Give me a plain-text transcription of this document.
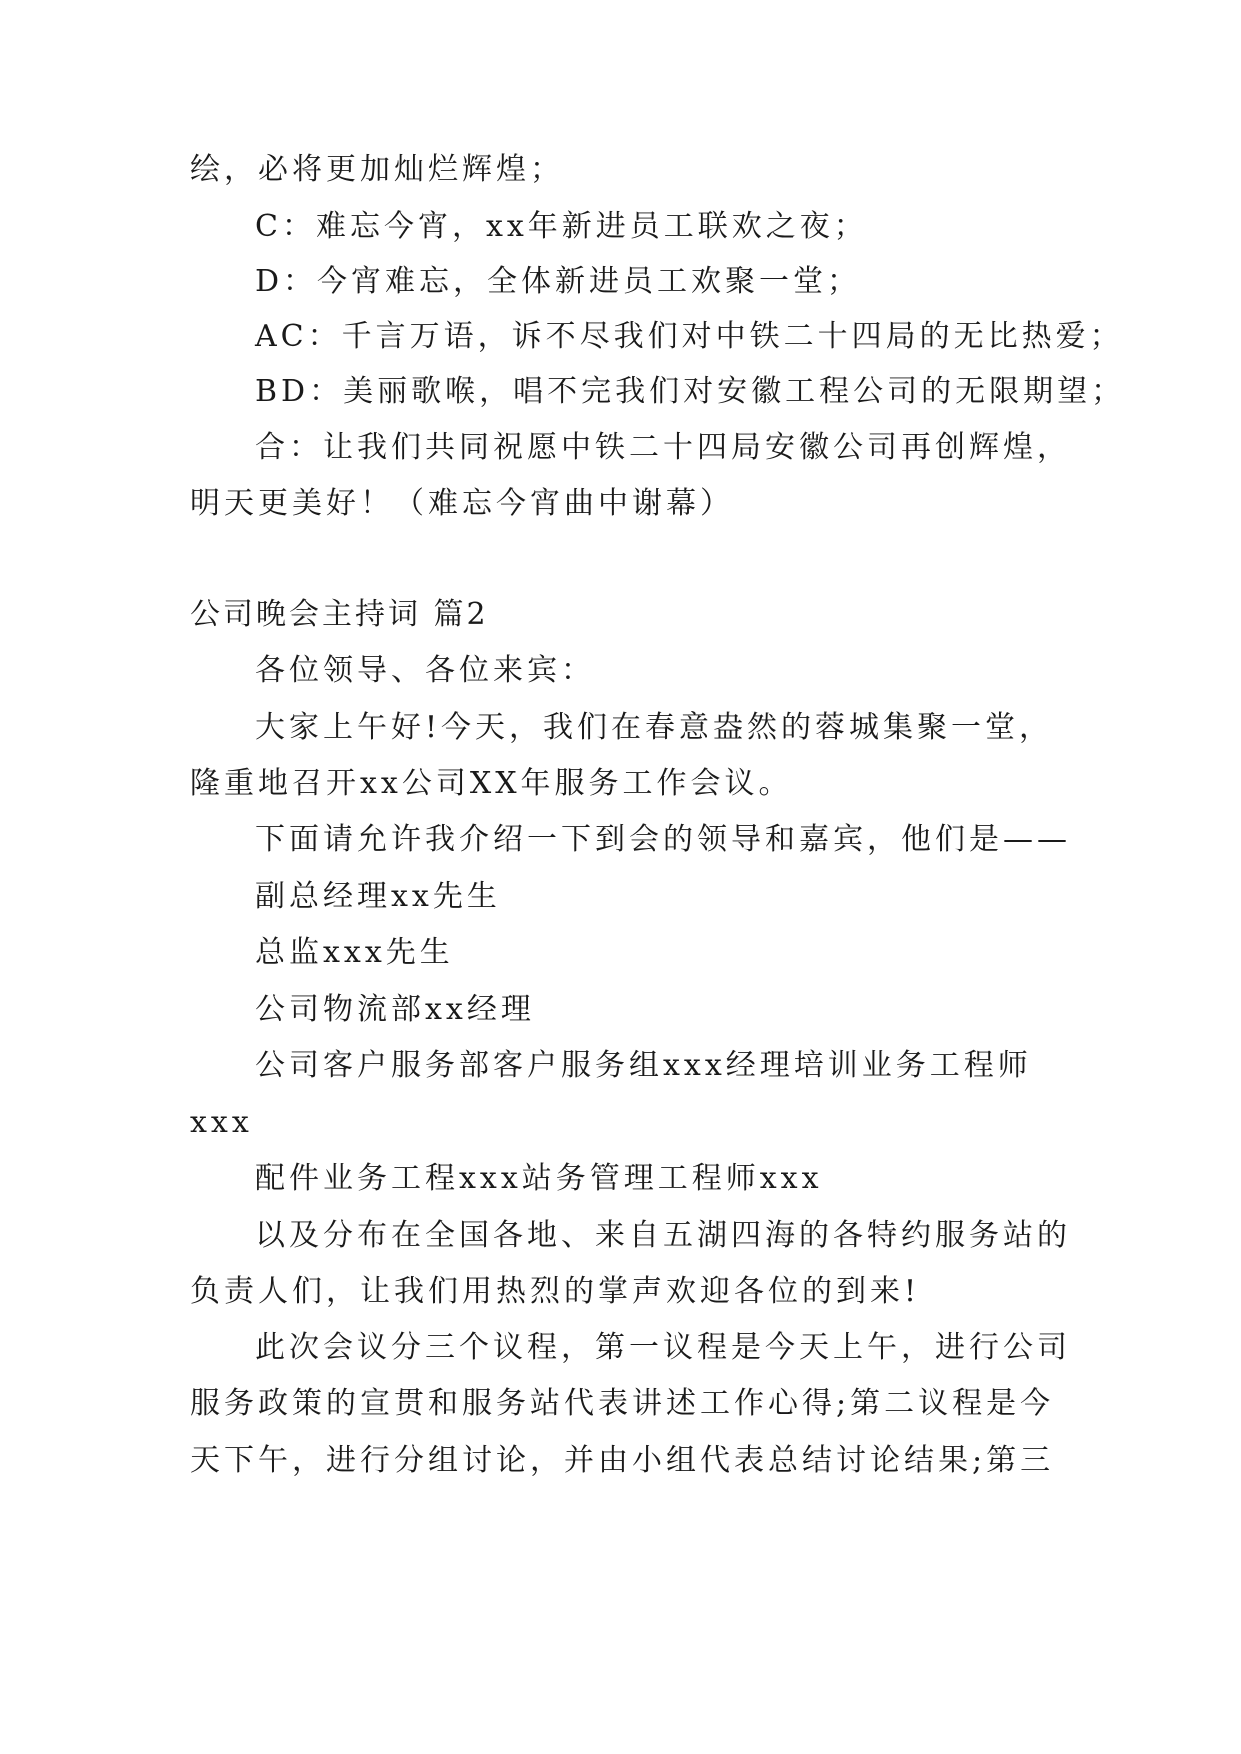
绘，必将更加灿烂辉煌；
C：难忘今宵，xx年新进员工联欢之夜；
D：今宵难忘，全体新进员工欢聚一堂；
AC：千言万语，诉不尽我们对中铁二十四局的无比热爱；
BD：美丽歌喉，唱不完我们对安徽工程公司的无限期望；
合：让我们共同祝愿中铁二十四局安徽公司再创辉煌，
明天更美好！（难忘今宵曲中谢幕）
公司晚会主持词 篇2
各位领导、各位来宾：
大家上午好!今天，我们在春意盎然的蓉城集聚一堂，
隆重地召开xx公司XX年服务工作会议。
下面请允许我介绍一下到会的领导和嘉宾，他们是——
副总经理xx先生
总监xxx先生
公司物流部xx经理
公司客户服务部客户服务组xxx经理培训业务工程师
xxx
配件业务工程xxx站务管理工程师xxx
以及分布在全国各地、来自五湖四海的各特约服务站的
负责人们，让我们用热烈的掌声欢迎各位的到来!
此次会议分三个议程，第一议程是今天上午，进行公司
服务政策的宣贯和服务站代表讲述工作心得;第二议程是今
天下午，进行分组讨论，并由小组代表总结讨论结果;第三
